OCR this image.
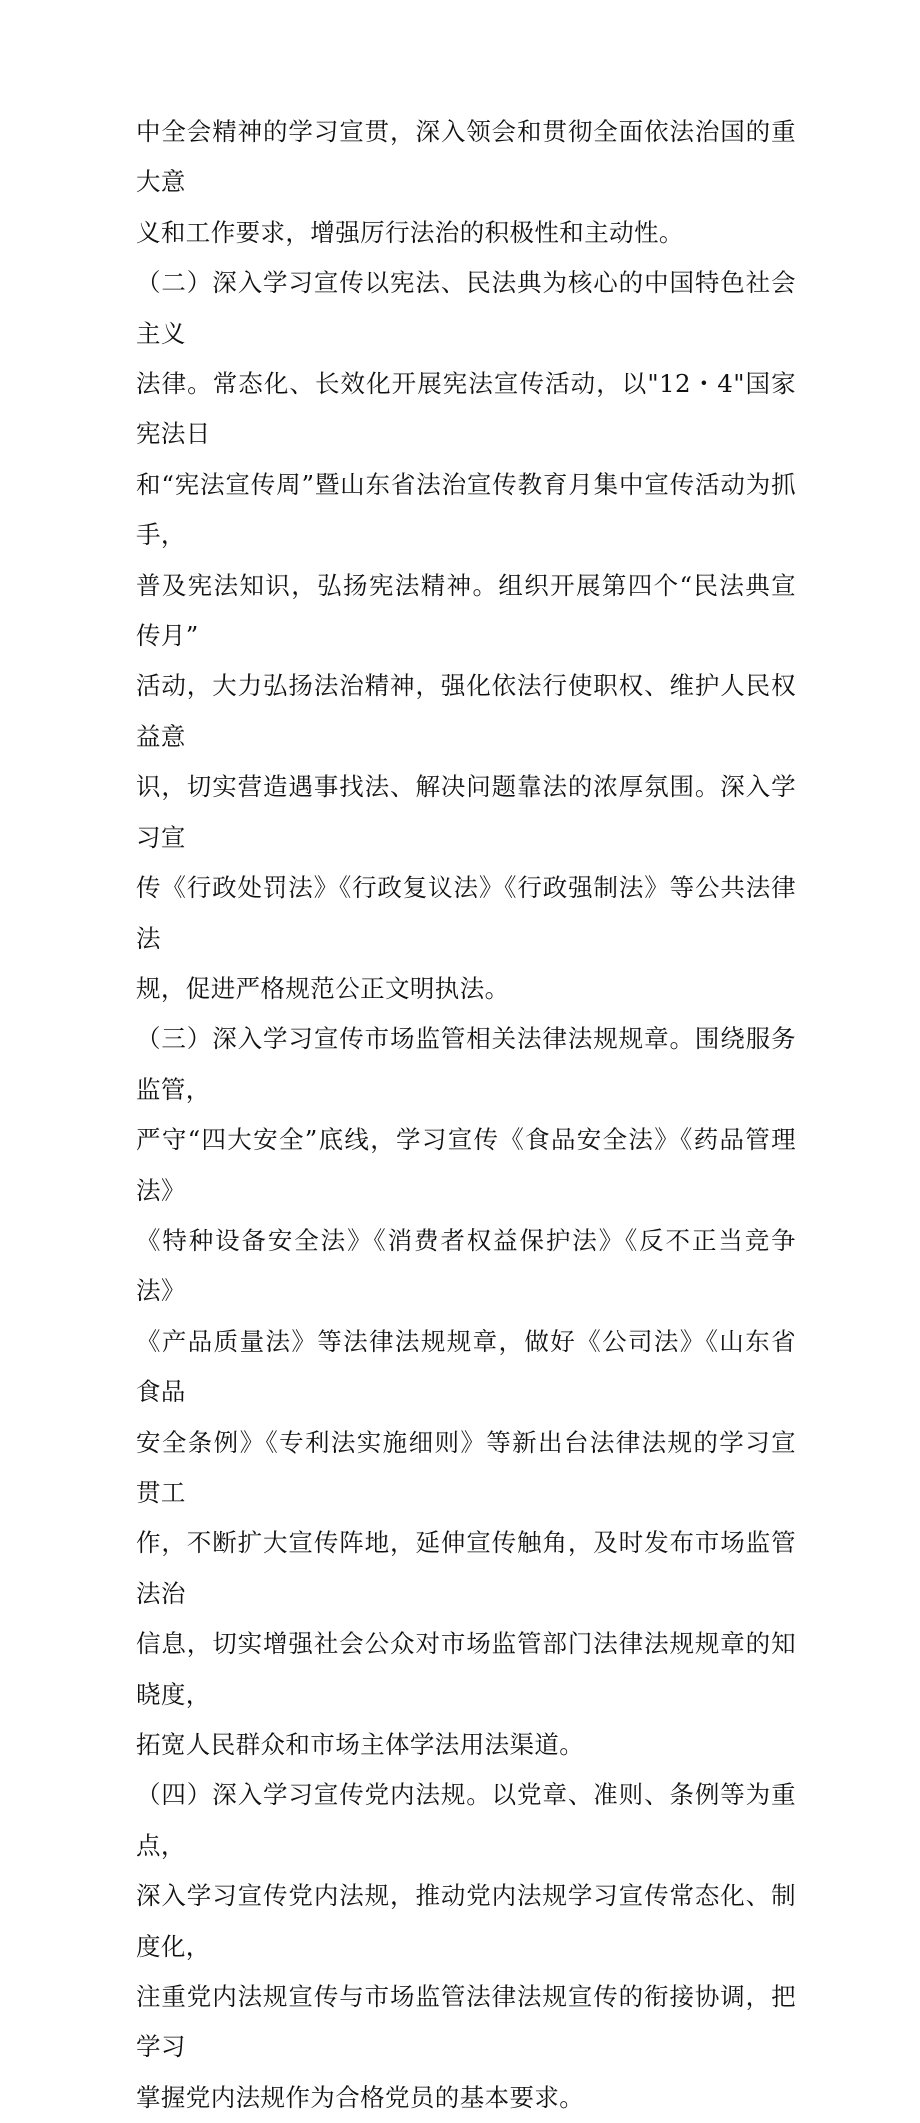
中全会精神的学习宣贯，深入领会和贯彻全面依法治国的重大意
义和工作要求，增强厉行法治的积极性和主动性。
（二）深入学习宣传以宪法、民法典为核心的中国特色社会主义
法律。常态化、长效化开展宪法宣传活动，以"12・4"国家宪法日
和“宪法宣传周”暨山东省法治宣传教育月集中宣传活动为抓手，
普及宪法知识，弘扬宪法精神。组织开展第四个“民法典宣传月”
活动，大力弘扬法治精神，强化依法行使职权、维护人民权益意
识，切实营造遇事找法、解决问题靠法的浓厚氛围。深入学习宣
传《行政处罚法》《行政复议法》《行政强制法》等公共法律法
规，促进严格规范公正文明执法。
（三）深入学习宣传市场监管相关法律法规规章。围绕服务监管，
严守“四大安全”底线，学习宣传《食品安全法》《药品管理法》
《特种设备安全法》《消费者权益保护法》《反不正当竞争法》
《产品质量法》等法律法规规章，做好《公司法》《山东省食品
安全条例》《专利法实施细则》等新出台法律法规的学习宣贯工
作，不断扩大宣传阵地，延伸宣传触角，及时发布市场监管法治
信息，切实增强社会公众对市场监管部门法律法规规章的知晓度，
拓宽人民群众和市场主体学法用法渠道。
（四）深入学习宣传党内法规。以党章、准则、条例等为重点，
深入学习宣传党内法规，推动党内法规学习宣传常态化、制度化，
注重党内法规宣传与市场监管法律法规宣传的衔接协调，把学习
掌握党内法规作为合格党员的基本要求。
